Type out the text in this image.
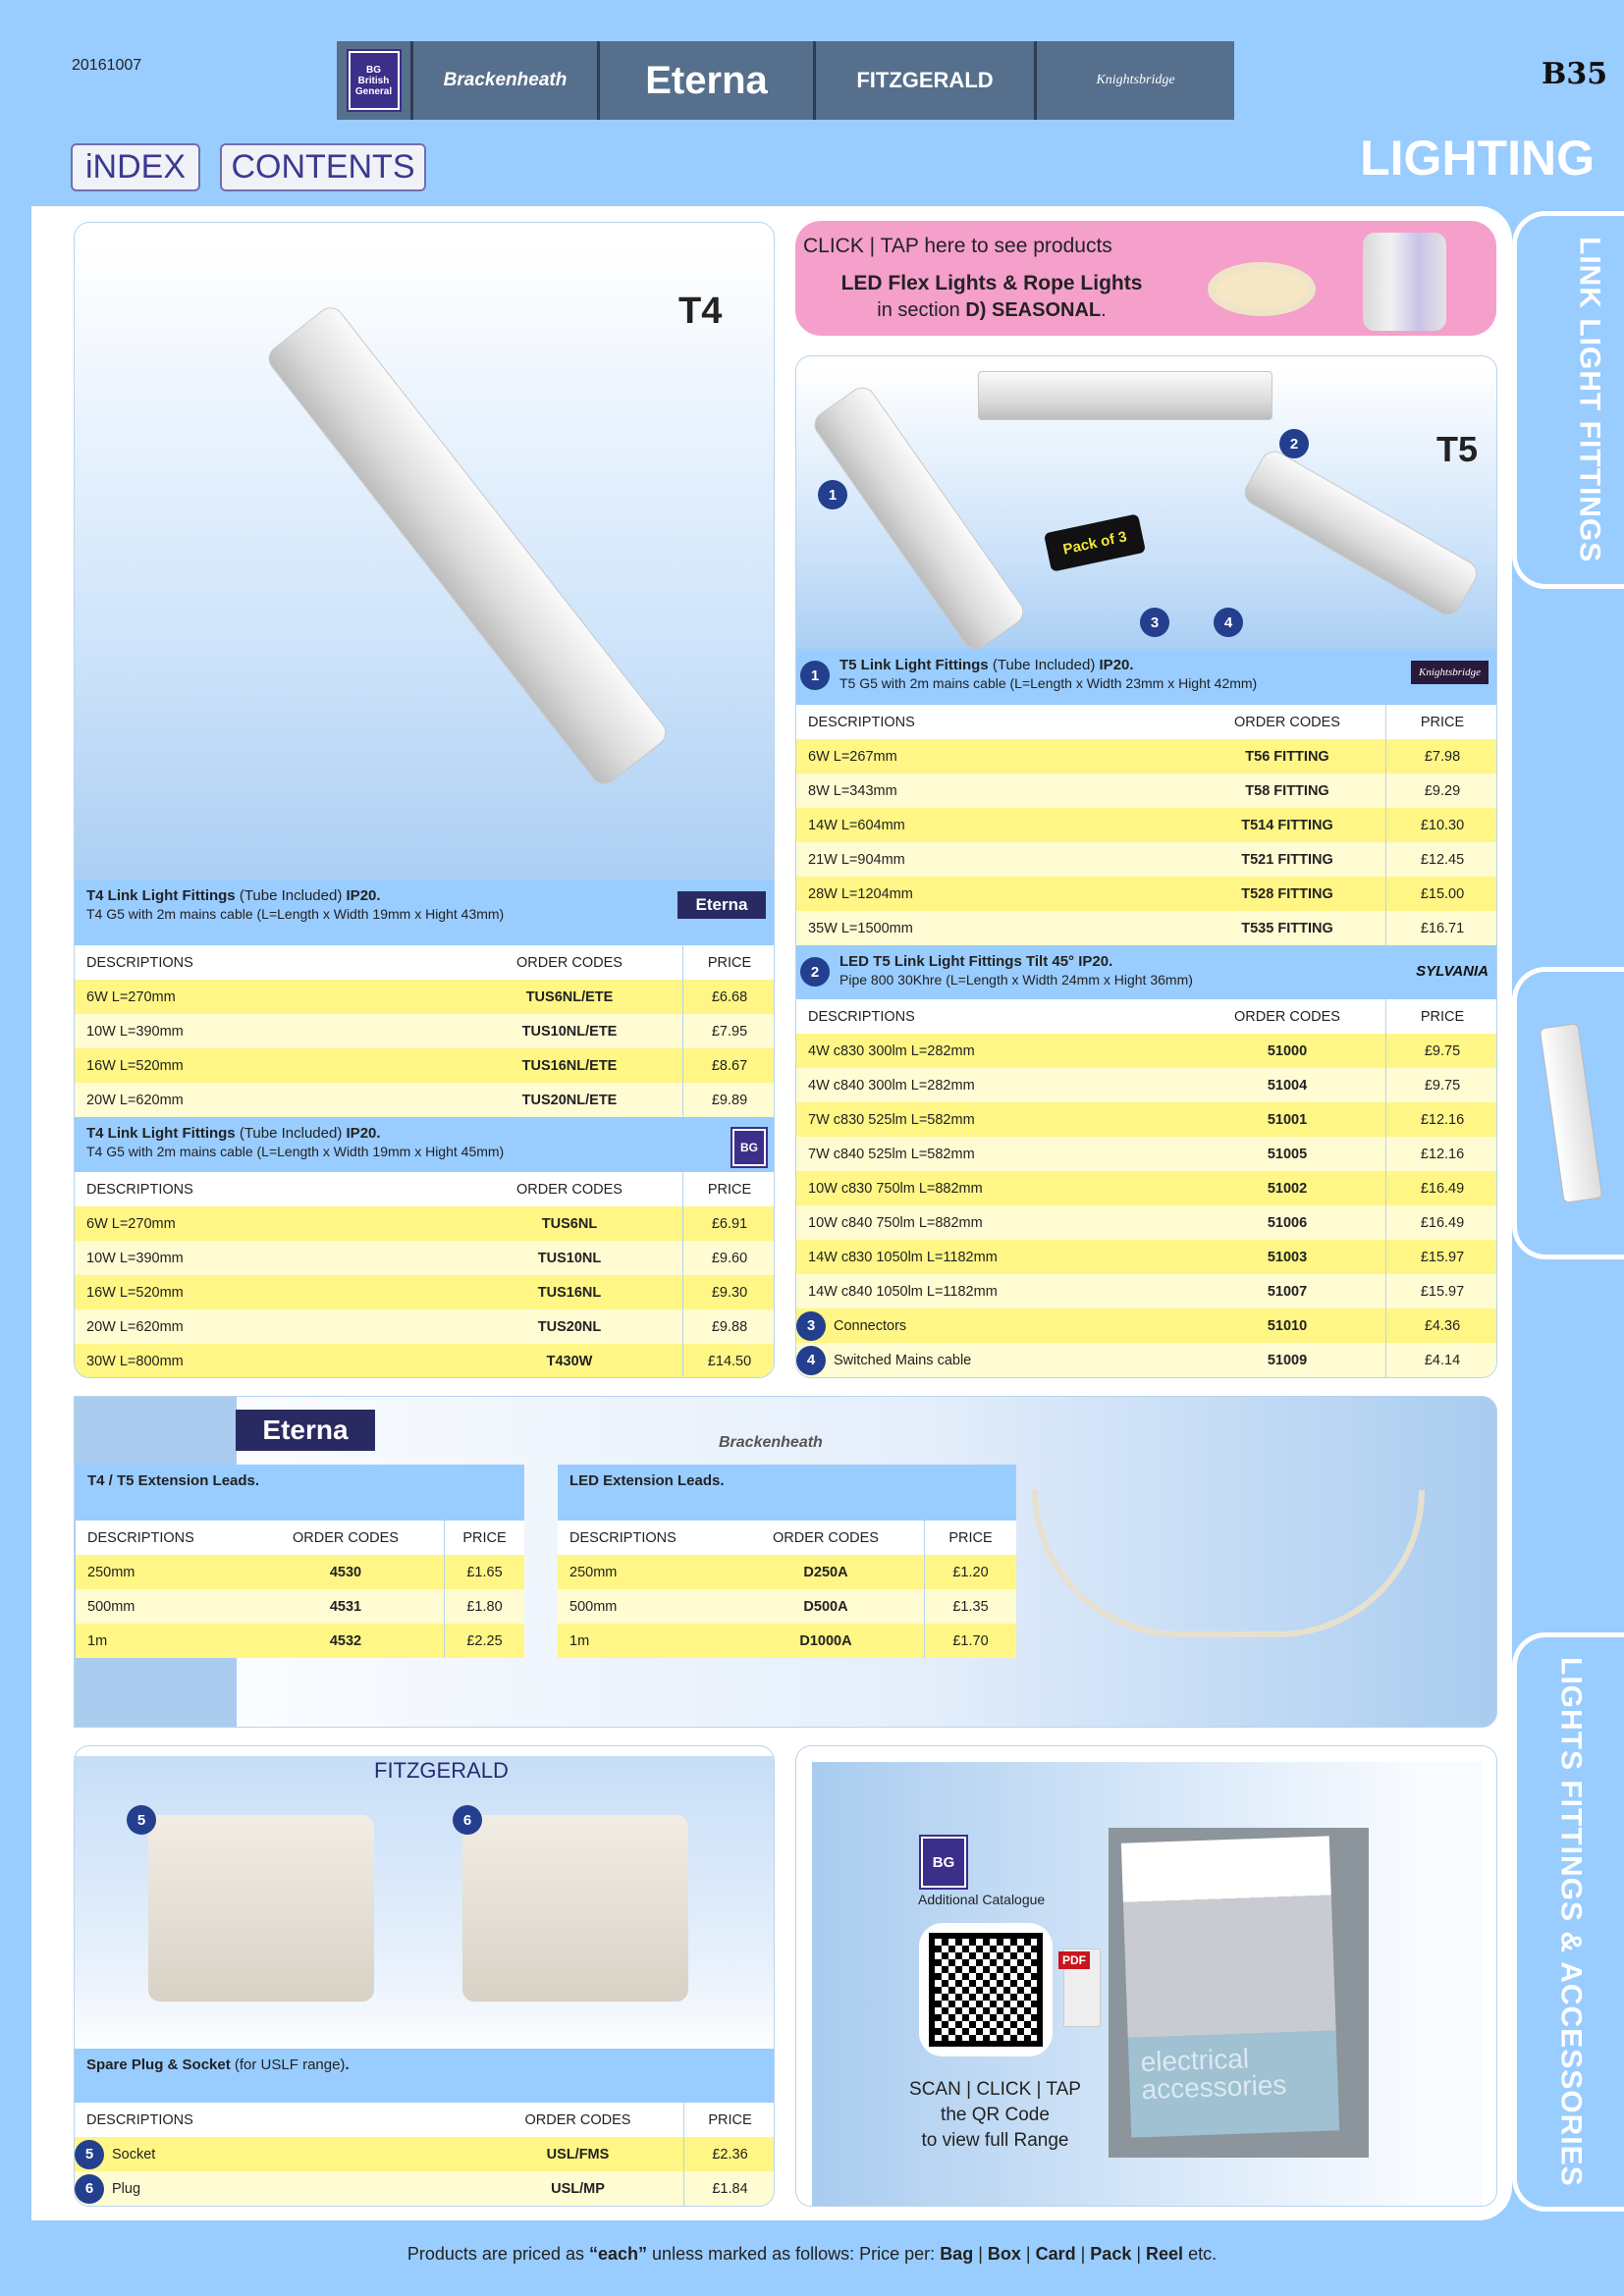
20161007	BG British General
Brackenheath	Eterna	FITZGERALD	Knightsbridge	B35
iNDEX	CONTENTS	LIGHTING
LINK LIGHT FITTINGS
LIGHTS FITTINGS & ACCESSORIES
T4
T4 Link Light Fittings (Tube Included) IP20.
T4 G5 with 2m mains cable (L=Length x Width 19mm x Hight 43mm)	Eterna
DESCRIPTIONS	ORDER CODES	PRICE
6W L=270mm	TUS6NL/ETE	£6.68
10W L=390mm	TUS10NL/ETE	£7.95
16W L=520mm	TUS16NL/ETE	£8.67
20W L=620mm	TUS20NL/ETE	£9.89
T4 Link Light Fittings (Tube Included) IP20.
T4 G5 with 2m mains cable (L=Length x Width 19mm x Hight 45mm)	BG
DESCRIPTIONS	ORDER CODES	PRICE
6W L=270mm	TUS6NL	£6.91
10W L=390mm	TUS10NL	£9.60
16W L=520mm	TUS16NL	£9.30
20W L=620mm	TUS20NL	£9.88
30W L=800mm	T430W	£14.50
CLICK | TAP here to see products
LED Flex Lights & Rope Lights
in section D) SEASONAL.
Pack of 3
1
2
3	4
T5
1
T5 Link Light Fittings (Tube Included) IP20.
T5 G5 with 2m mains cable (L=Length x Width 23mm x Hight 42mm)
Knightsbridge
DESCRIPTIONS	ORDER CODES	PRICE
6W L=267mm	T56 FITTING	£7.98
8W L=343mm	T58 FITTING	£9.29
14W L=604mm	T514 FITTING	£10.30
21W L=904mm	T521 FITTING	£12.45
28W L=1204mm	T528 FITTING	£15.00
35W L=1500mm	T535 FITTING	£16.71
2
LED T5 Link Light Fittings Tilt 45° IP20.
Pipe 800 30Khre (L=Length x Width 24mm x Hight 36mm)	SYLVANIA
DESCRIPTIONS	ORDER CODES	PRICE
4W c830 300lm L=282mm	51000	£9.75
4W c840 300lm L=282mm	51004	£9.75
7W c830 525lm L=582mm	51001	£12.16
7W c840 525lm L=582mm	51005	£12.16
10W c830 750lm L=882mm	51002	£16.49
10W c840 750lm L=882mm	51006	£16.49
14W c830 1050lm L=1182mm	51003	£15.97
14W c840 1050lm L=1182mm	51007	£15.97
3	Connectors	51010	£4.36
4	Switched Mains cable	51009	£4.14
Eterna	Brackenheath
T4 / T5 Extension Leads.
DESCRIPTIONS	ORDER CODES	PRICE
250mm	4530	£1.65
500mm	4531	£1.80
1m	4532	£2.25
LED Extension Leads.
DESCRIPTIONS	ORDER CODES	PRICE
250mm	D250A	£1.20
500mm	D500A	£1.35
1m	D1000A	£1.70
FITZGERALD
5	6
Spare Plug & Socket (for USLF range).
DESCRIPTIONS	ORDER CODES	PRICE
5	Socket	USL/FMS	£2.36
6	Plug	USL/MP	£1.84
BG
Additional Catalogue
PDF
electrical accessories
SCAN | CLICK | TAP
the QR Code
to view full Range
Products are priced as “each” unless marked as follows: Price per: Bag | Box | Card | Pack | Reel etc.
